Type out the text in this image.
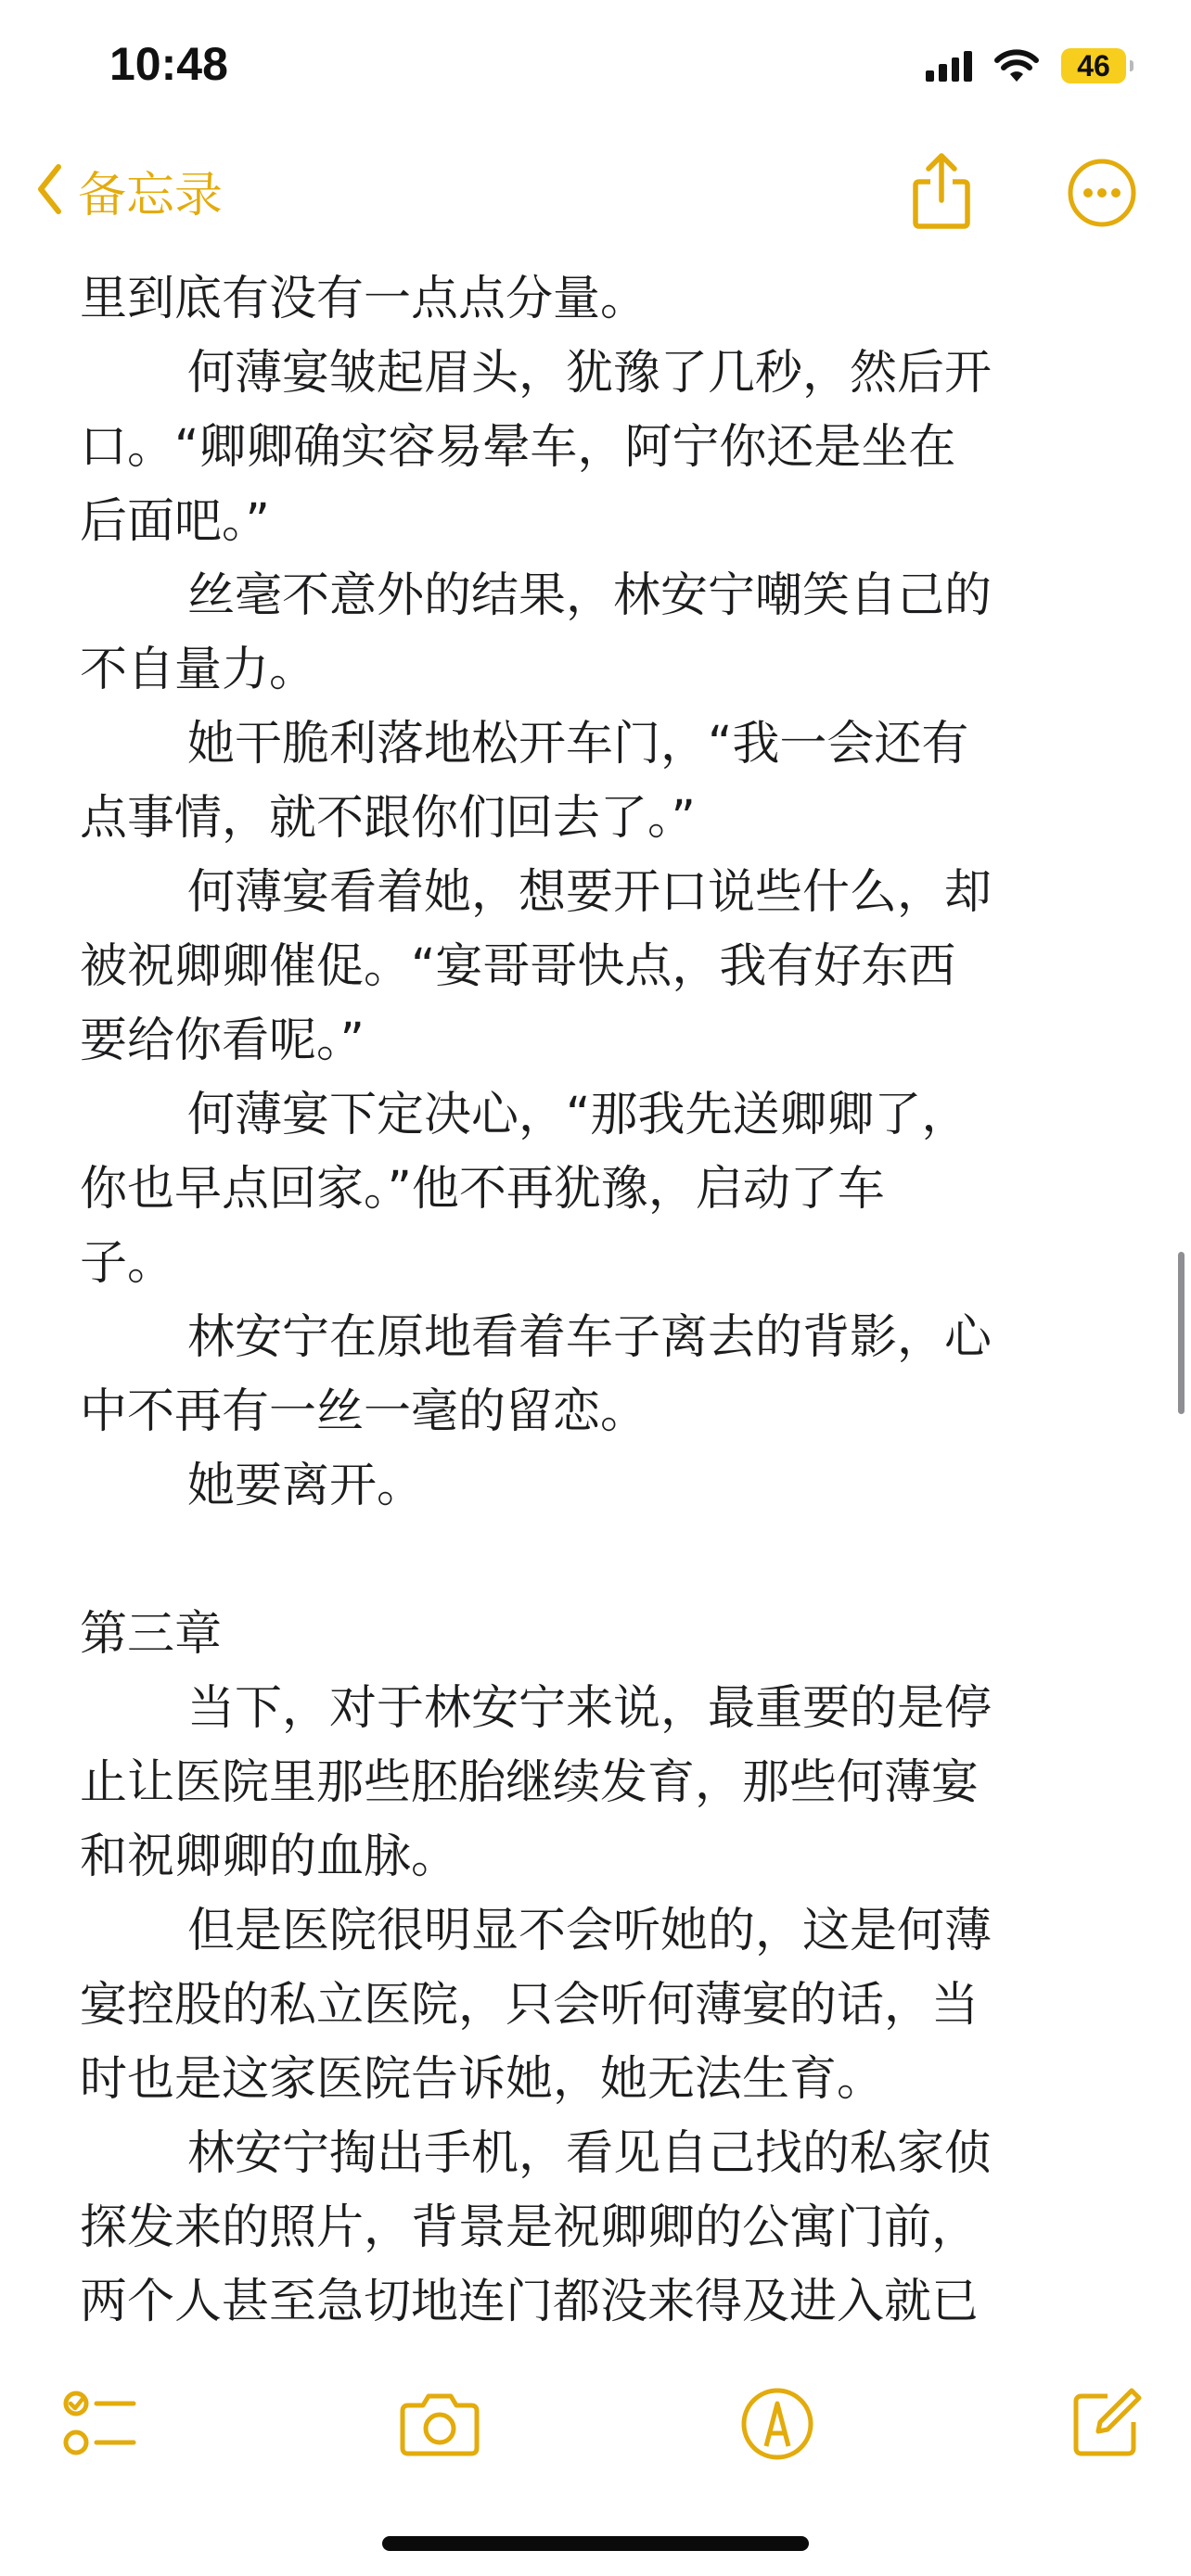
10:48	46
备忘录
里到底有没有一点点分量。
何薄宴皱起眉头，犹豫了几秒，然后开
口。“卿卿确实容易晕车，阿宁你还是坐在
后面吧。”
丝毫不意外的结果，林安宁嘲笑自己的
不自量力。
她干脆利落地松开车门，“我一会还有
点事情，就不跟你们回去了。”
何薄宴看着她，想要开口说些什么，却
被祝卿卿催促。“宴哥哥快点，我有好东西
要给你看呢。”
何薄宴下定决心，“那我先送卿卿了，
你也早点回家。”他不再犹豫，启动了车
子。
林安宁在原地看着车子离去的背影，心
中不再有一丝一毫的留恋。
她要离开。
第三章
当下，对于林安宁来说，最重要的是停
止让医院里那些胚胎继续发育，那些何薄宴
和祝卿卿的血脉。
但是医院很明显不会听她的，这是何薄
宴控股的私立医院，只会听何薄宴的话，当
时也是这家医院告诉她，她无法生育。
林安宁掏出手机，看见自己找的私家侦
探发来的照片，背景是祝卿卿的公寓门前，
两个人甚至急切地连门都没来得及进入就已
